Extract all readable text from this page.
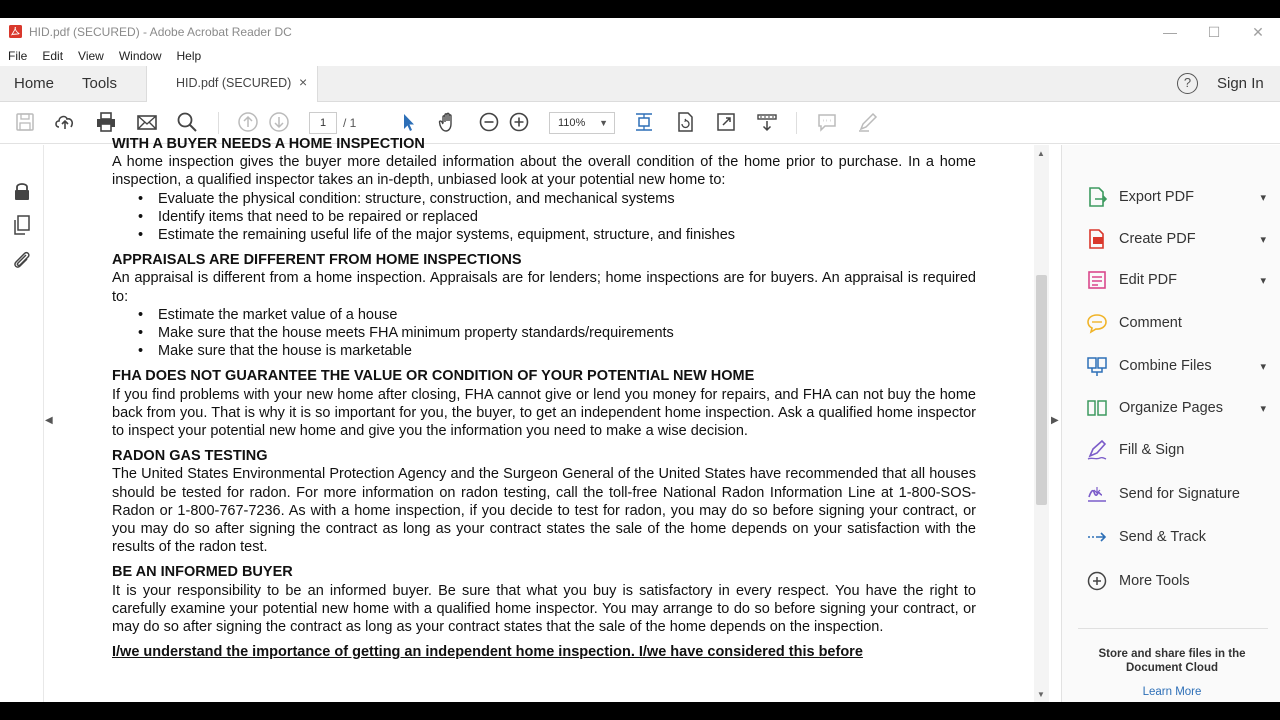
HID.pdf (SECURED) - Adobe Acrobat Reader DC	—	☐	✕
File Edit View Window Help
Home Tools	HID.pdf (SECURED) ×	?	Sign In
1	/ 1	110% ▼
◀
WITH A BUYER NEEDS A HOME INSPECTION

A home inspection gives the buyer more detailed information about the overall condition of the home prior to purchase. In a home inspection, a qualified inspector takes an in-depth, unbiased look at your potential new home to:

• Evaluate the physical condition: structure, construction, and mechanical systems
• Identify items that need to be repaired or replaced
• Estimate the remaining useful life of the major systems, equipment, structure, and finishes
APPRAISALS ARE DIFFERENT FROM HOME INSPECTIONS

An appraisal is different from a home inspection. Appraisals are for lenders; home inspections are for buyers. An appraisal is required to:

• Estimate the market value of a house
• Make sure that the house meets FHA minimum property standards/requirements
• Make sure that the house is marketable
FHA DOES NOT GUARANTEE THE VALUE OR CONDITION OF YOUR POTENTIAL NEW HOME

If you find problems with your new home after closing, FHA cannot give or lend you money for repairs, and FHA can not buy the home back from you. That is why it is so important for you, the buyer, to get an independent home inspection. Ask a qualified home inspector to inspect your potential new home and give you the information you need to make a wise decision.

RADON GAS TESTING

The United States Environmental Protection Agency and the Surgeon General of the United States have recommended that all houses should be tested for radon. For more information on radon testing, call the toll-free National Radon Information Line at 1-800-SOS-Radon or 1-800-767-7236. As with a home inspection, if you decide to test for radon, you may do so before signing your contract, or you may do so after signing the contract as long as your contract states the sale of the home depends on your satisfaction with the results of the radon test.

BE AN INFORMED BUYER

It is your responsibility to be an informed buyer. Be sure that what you buy is satisfactory in every respect. You have the right to carefully examine your potential new home with a qualified home inspector. You may arrange to do so before signing your contract, or may do so after signing the contract as long as your contract states that the sale of the home depends on the inspection.

I/we understand the importance of getting an independent home inspection. I/we have considered this before

▲
▼
▶
Export PDF	▾
Create PDF	▾
Edit PDF	▾
Comment
Combine Files	▾
Organize Pages	▾
Fill & Sign
Send for Signature
Send & Track
More Tools
Store and share files in the Document Cloud
Learn More
